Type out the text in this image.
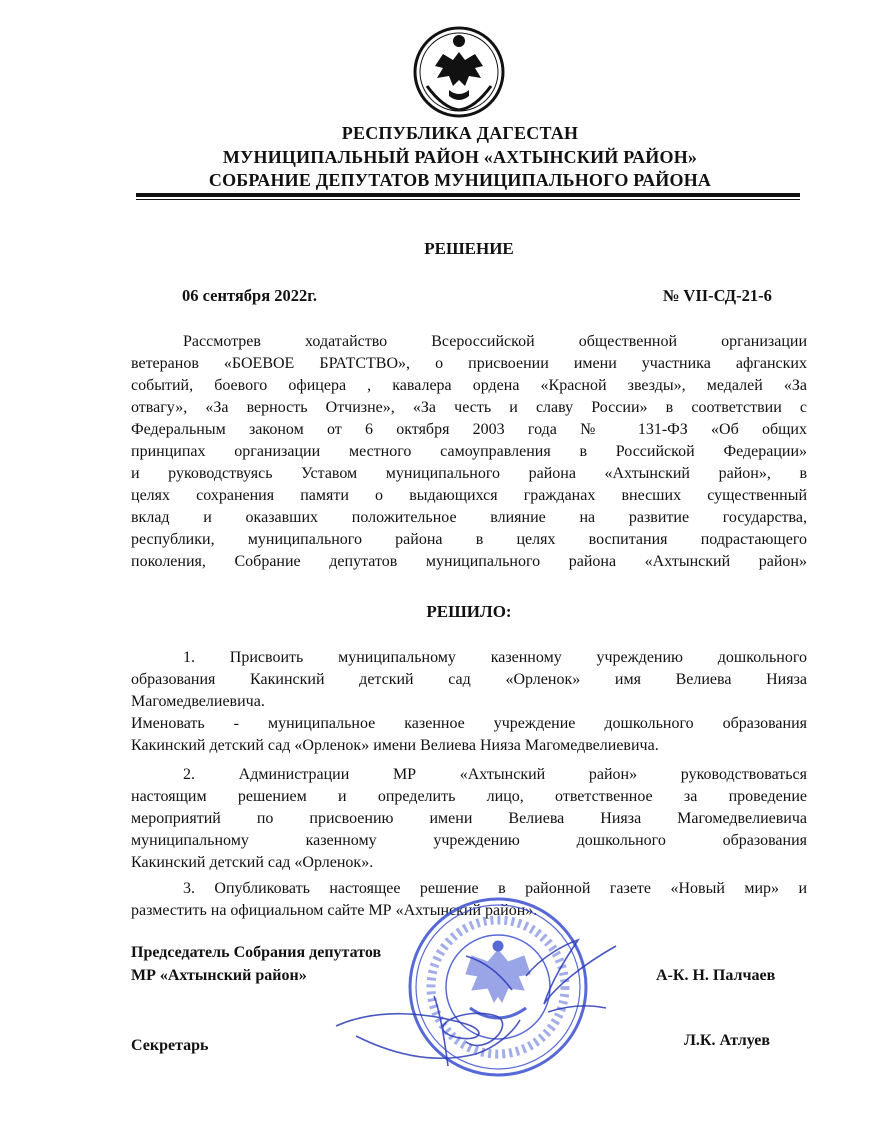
РЕСПУБЛИКА ДАГЕСТАН
МУНИЦИПАЛЬНЫЙ РАЙОН «АХТЫНСКИЙ РАЙОН»
СОБРАНИЕ ДЕПУТАТОВ МУНИЦИПАЛЬНОГО РАЙОНА
РЕШЕНИЕ
06 сентября 2022г.	№ VII-СД-21-6
Рассмотрев ходатайство Всероссийской общественной организации
ветеранов «БОЕВОЕ БРАТСТВО», о присвоении имени участника афганских
событий, боевого офицера , кавалера ордена «Красной звезды», медалей «За
отвагу», «За верность Отчизне», «За честь и славу России» в соответствии с
Федеральным законом от 6 октября 2003 года № 131-ФЗ «Об общих
принципах организации местного самоуправления в Российской Федерации»
и руководствуясь Уставом муниципального района «Ахтынский район», в
целях сохранения памяти о выдающихся гражданах внесших существенный
вклад и оказавших положительное влияние на развитие государства,
республики, муниципального района в целях воспитания подрастающего
поколения, Собрание депутатов муниципального района «Ахтынский район»
РЕШИЛО:
1. Присвоить муниципальному казенному учреждению дошкольного
образования Какинский детский сад «Орленок» имя Велиева Нияза
Магомедвелиевича.
Именовать - муниципальное казенное учреждение дошкольного образования
Какинский детский сад «Орленок» имени Велиева Нияза Магомедвелиевича.
2. Администрации МР «Ахтынский район» руководствоваться
настоящим решением и определить лицо, ответственное за проведение
мероприятий по присвоению имени Велиева Нияза Магомедвелиевича
муниципальному казенному учреждению дошкольного образования
Какинский детский сад «Орленок».
3. Опубликовать настоящее решение в районной газете «Новый мир» и
разместить на официальном сайте МР «Ахтынский район».
Председатель Собрания депутатов
МР «Ахтынский район»	А-К. Н. Палчаев
Секретарь	Л.К. Атлуев
